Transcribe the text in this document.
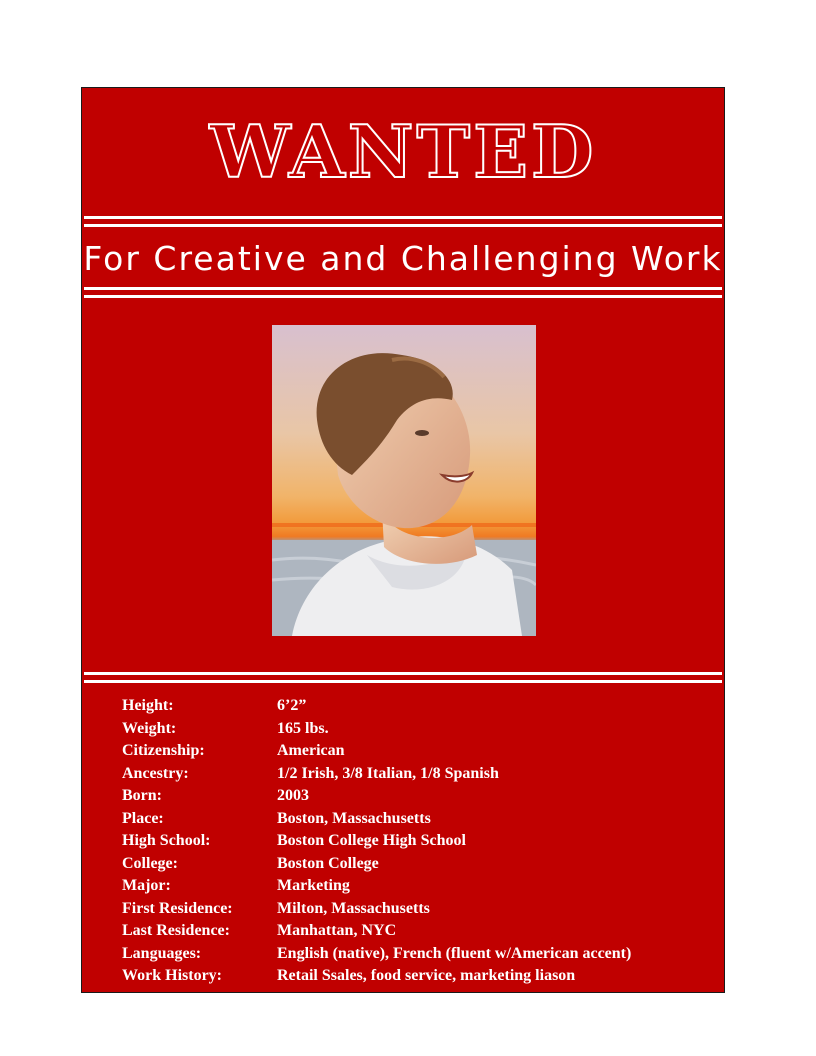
WANTED
For Creative and Challenging Work
Height:	6’2”
Weight:	165 lbs.
Citizenship:	American
Ancestry:	1/2 Irish, 3/8 Italian, 1/8 Spanish
Born:	2003
Place:	Boston, Massachusetts
High School:	Boston College High School
College:	Boston College
Major:	Marketing
First Residence:	Milton, Massachusetts
Last Residence:	Manhattan, NYC
Languages:	English (native), French (fluent w/American accent)
Work History:	Retail Ssales, food service, marketing liason
